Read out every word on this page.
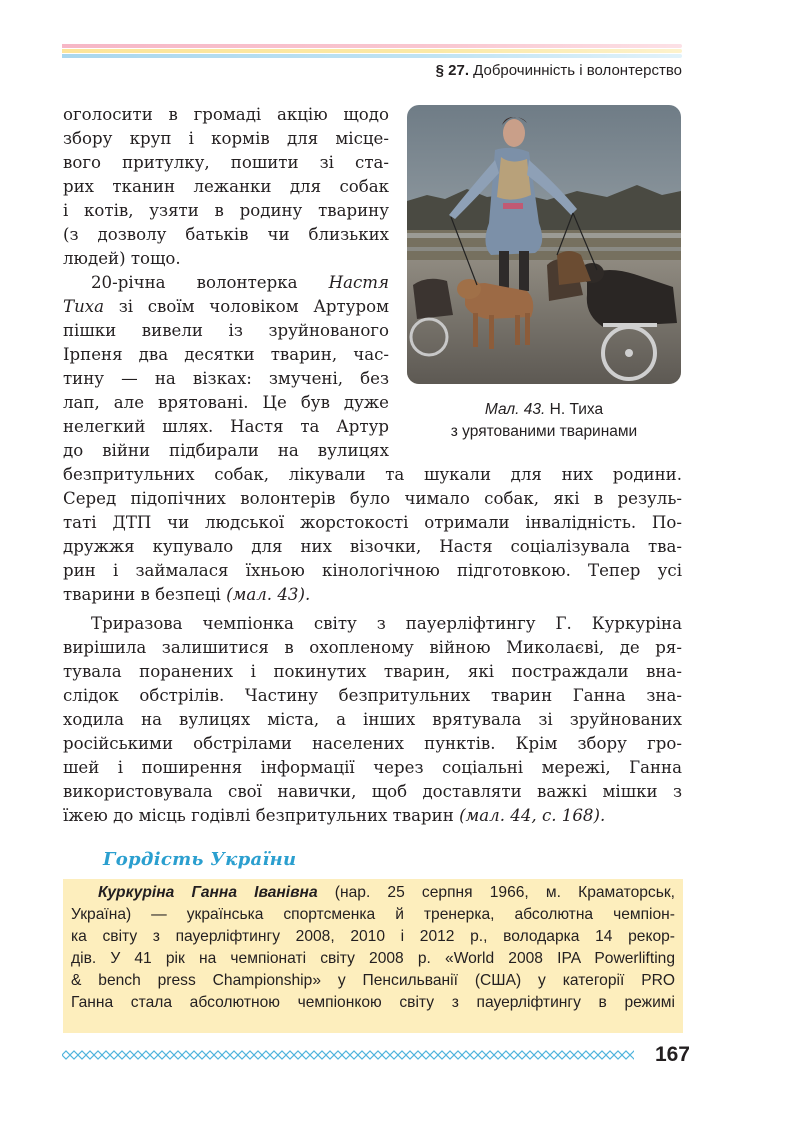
§ 27. Доброчинність і волонтерство

оголосити в громаді акцію щодо

збору круп і кормів для місце-

вого притулку, пошити зі ста-

рих тканин лежанки для собак

і котів, узяти в родину тварину

(з дозволу батьків чи близьких

людей) тощо.

20-річна волонтерка Настя

Тиха зі своїм чоловіком Артуром

пішки вивели із зруйнованого

Ірпеня два десятки тварин, час-

тину — на візках: змучені, без

лап, але врятовані. Це був дуже

нелегкий шлях. Настя та Артур

до війни підбирали на вулицях

Мал. 43. Н. Тиха
з урятованими тваринами

безпритульних собак, лікували та шукали для них родини.

Серед підопічних волонтерів було чимало собак, які в резуль-

таті ДТП чи людської жорстокості отримали інвалідність. По-

дружжя купувало для них візочки, Настя соціалізувала тва-

рин і займалася їхньою кінологічною підготовкою. Тепер усі

тварини в безпеці (мал. 43).

Триразова чемпіонка світу з пауерліфтингу Г. Куркуріна

вирішила залишитися в охопленому війною Миколаєві, де ря-

тувала поранених і покинутих тварин, які постраждали вна-

слідок обстрілів. Частину безпритульних тварин Ганна зна-

ходила на вулицях міста, а інших врятувала зі зруйнованих

російськими обстрілами населених пунктів. Крім збору гро-

шей і поширення інформації через соціальні мережі, Ганна

використовувала свої навички, щоб доставляти важкі мішки з

їжею до місць годівлі безпритульних тварин (мал. 44, с. 168).

Гордість України

Куркуріна Ганна Іванівна (нар. 25 серпня 1966, м. Краматорськ,

Україна) — українська спортсменка й тренерка, абсолютна чемпіон-

ка світу з пауерліфтингу 2008, 2010 і 2012 р., володарка 14 рекор-

дів. У 41 рік на чемпіонаті світу 2008 р. «World 2008 IPA Powerlifting

& bench press Championship» у Пенсильванії (США) у категорії PRO

Ганна стала абсолютною чемпіонкою світу з пауерліфтингу в режимі

167
